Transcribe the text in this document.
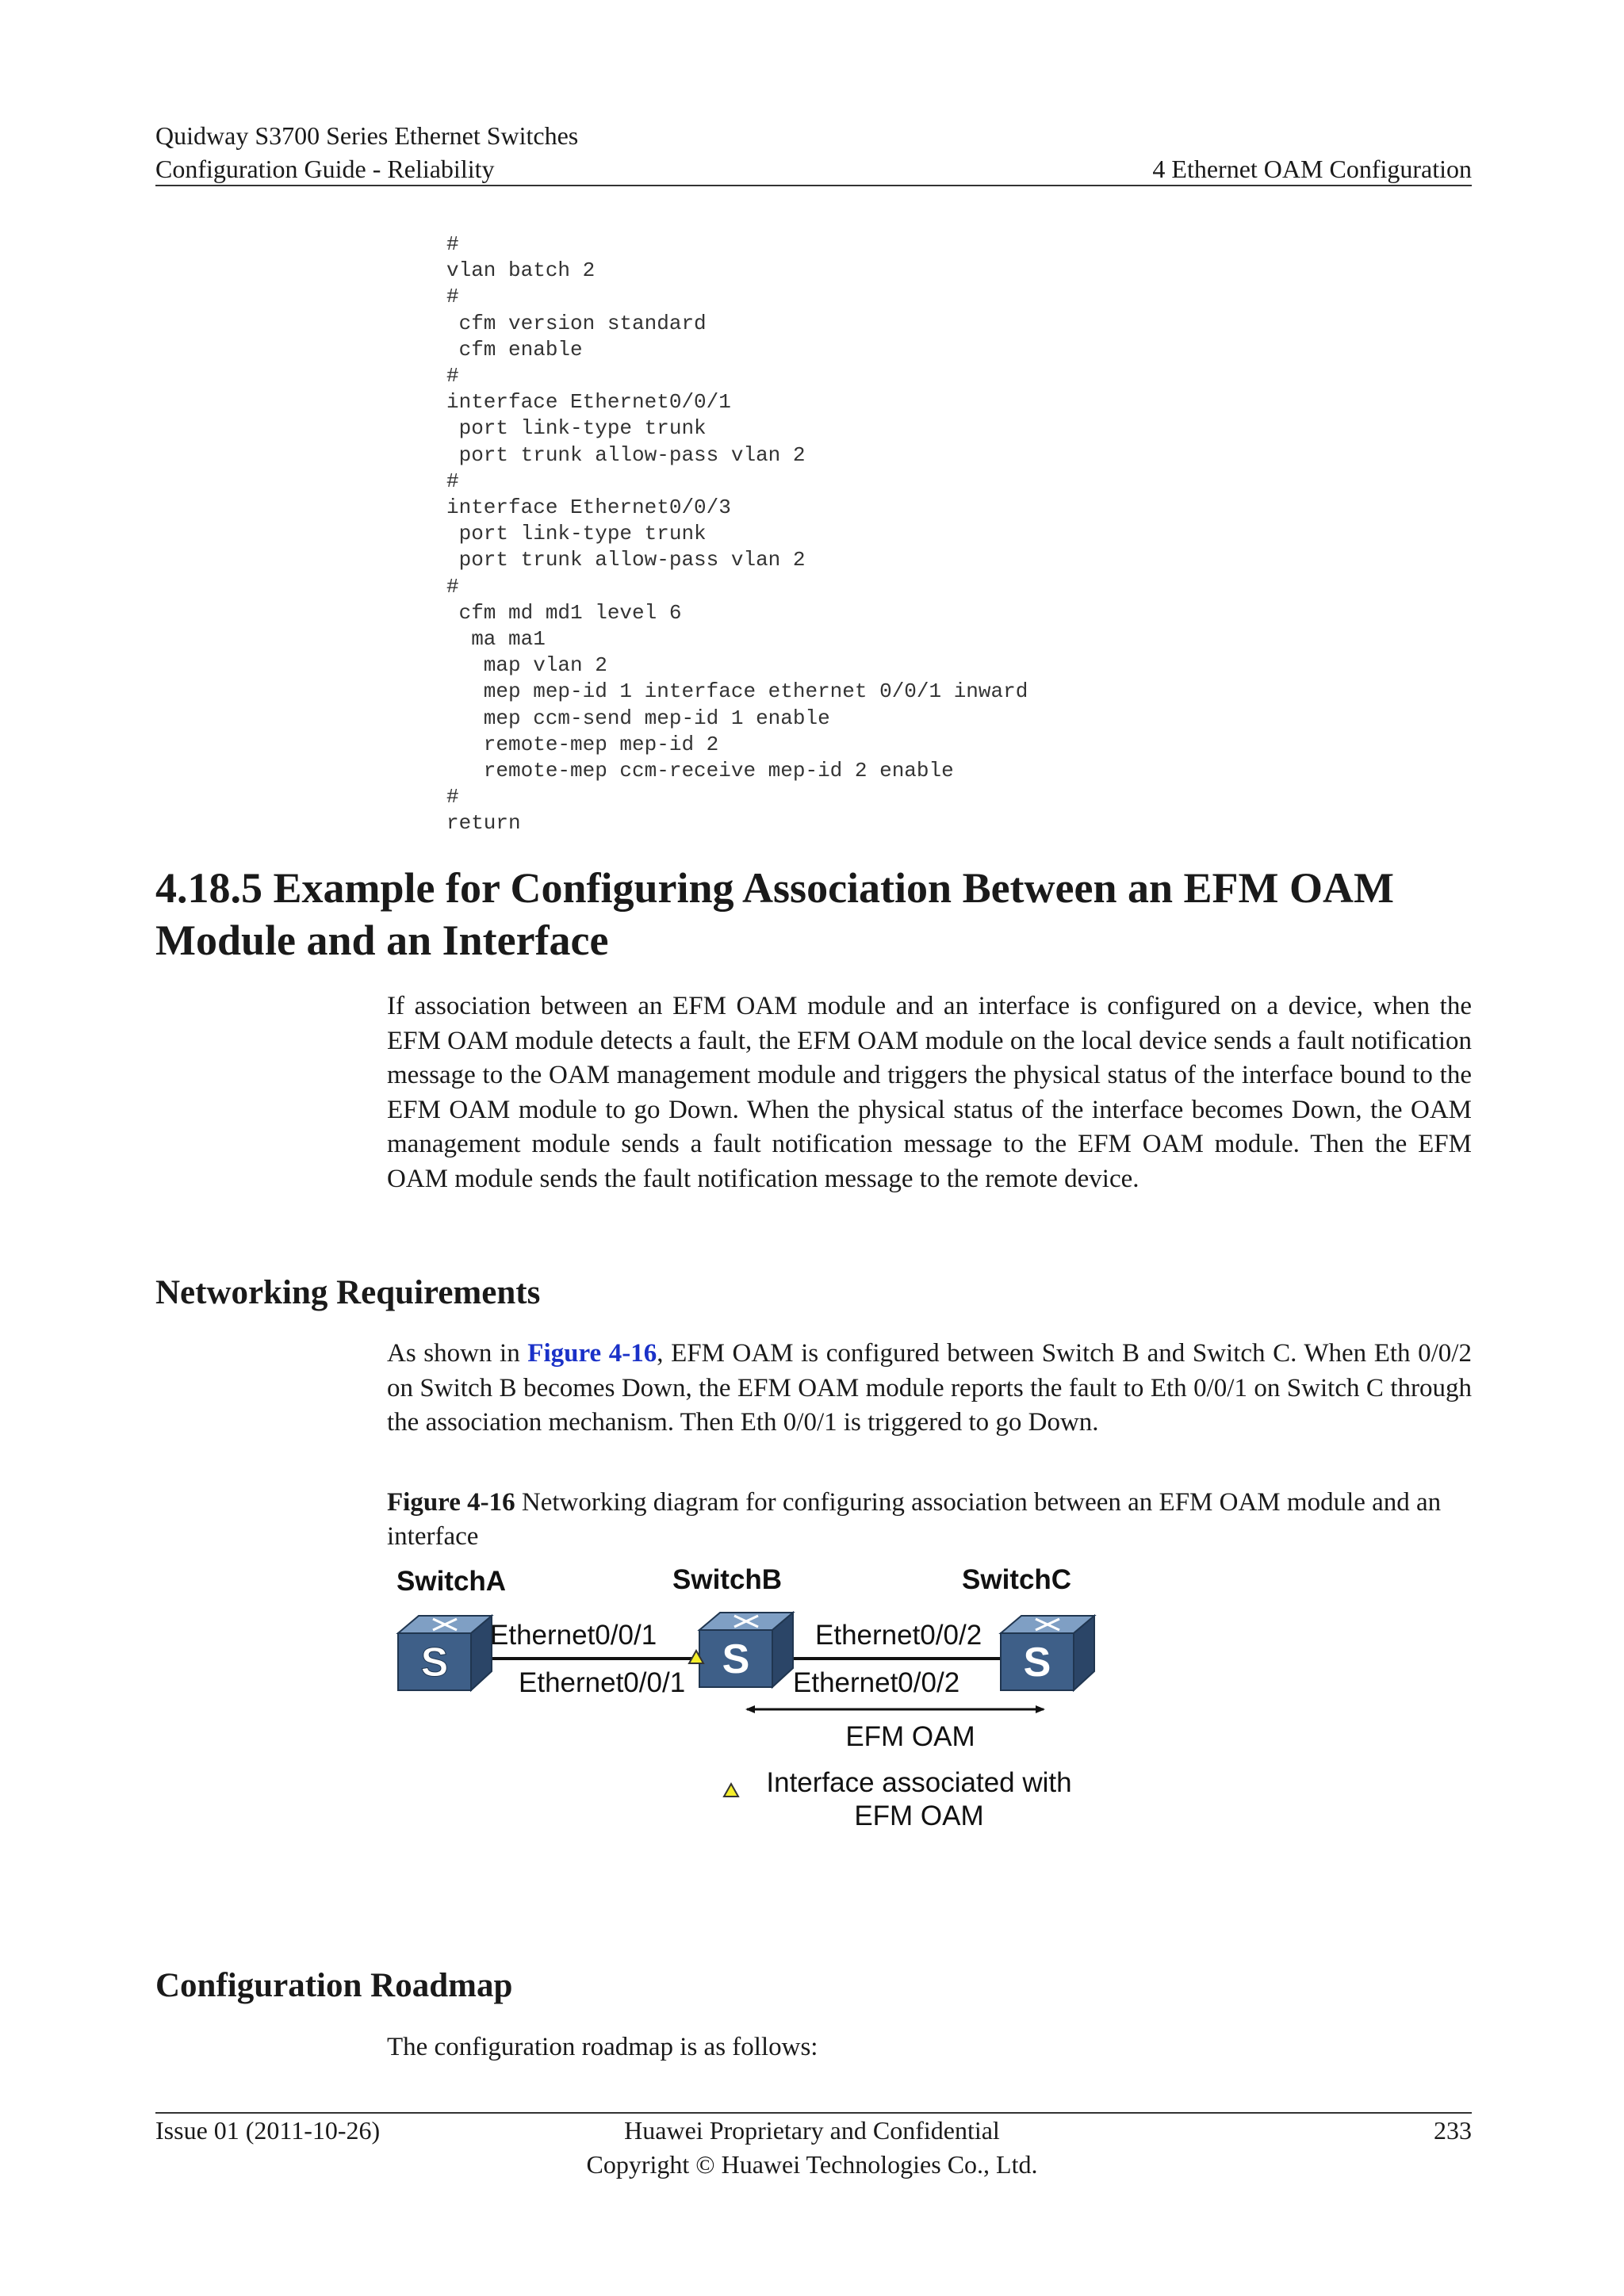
Quidway S3700 Series Ethernet Switches
Configuration Guide - Reliability	4 Ethernet OAM Configuration
#
vlan batch 2
#
cfm version standard
cfm enable
#
interface Ethernet0/0/1
port link-type trunk
port trunk allow-pass vlan 2
#
interface Ethernet0/0/3
port link-type trunk
port trunk allow-pass vlan 2
#
cfm md md1 level 6
ma ma1
map vlan 2
mep mep-id 1 interface ethernet 0/0/1 inward
mep ccm-send mep-id 1 enable
remote-mep mep-id 2
remote-mep ccm-receive mep-id 2 enable
#
return
4.18.5 Example for Configuring Association Between an EFM OAM
Module and an Interface
If association between an EFM OAM module and an interface is configured on a device, when the EFM OAM module detects a fault, the EFM OAM module on the local device sends a fault notification message to the OAM management module and triggers the physical status of the interface bound to the EFM OAM module to go Down. When the physical status of the interface becomes Down, the OAM management module sends a fault notification message to the EFM OAM module. Then the EFM OAM module sends the fault notification message to the remote device.
Networking Requirements
As shown in Figure 4-16, EFM OAM is configured between Switch B and Switch C. When Eth 0/0/2 on Switch B becomes Down, the EFM OAM module reports the fault to Eth 0/0/1 on Switch C through the association mechanism. Then Eth 0/0/1 is triggered to go Down.
Figure 4-16 Networking diagram for configuring association between an EFM OAM module and an interface
S	S	S
SwitchA	SwitchB	SwitchC
Ethernet0/0/1
Ethernet0/0/1
Ethernet0/0/2
Ethernet0/0/2
EFM OAM
Interface associated with
EFM OAM
Configuration Roadmap
The configuration roadmap is as follows:
Issue 01 (2011-10-26)	Huawei Proprietary and Confidential
Copyright © Huawei Technologies Co., Ltd.
233
